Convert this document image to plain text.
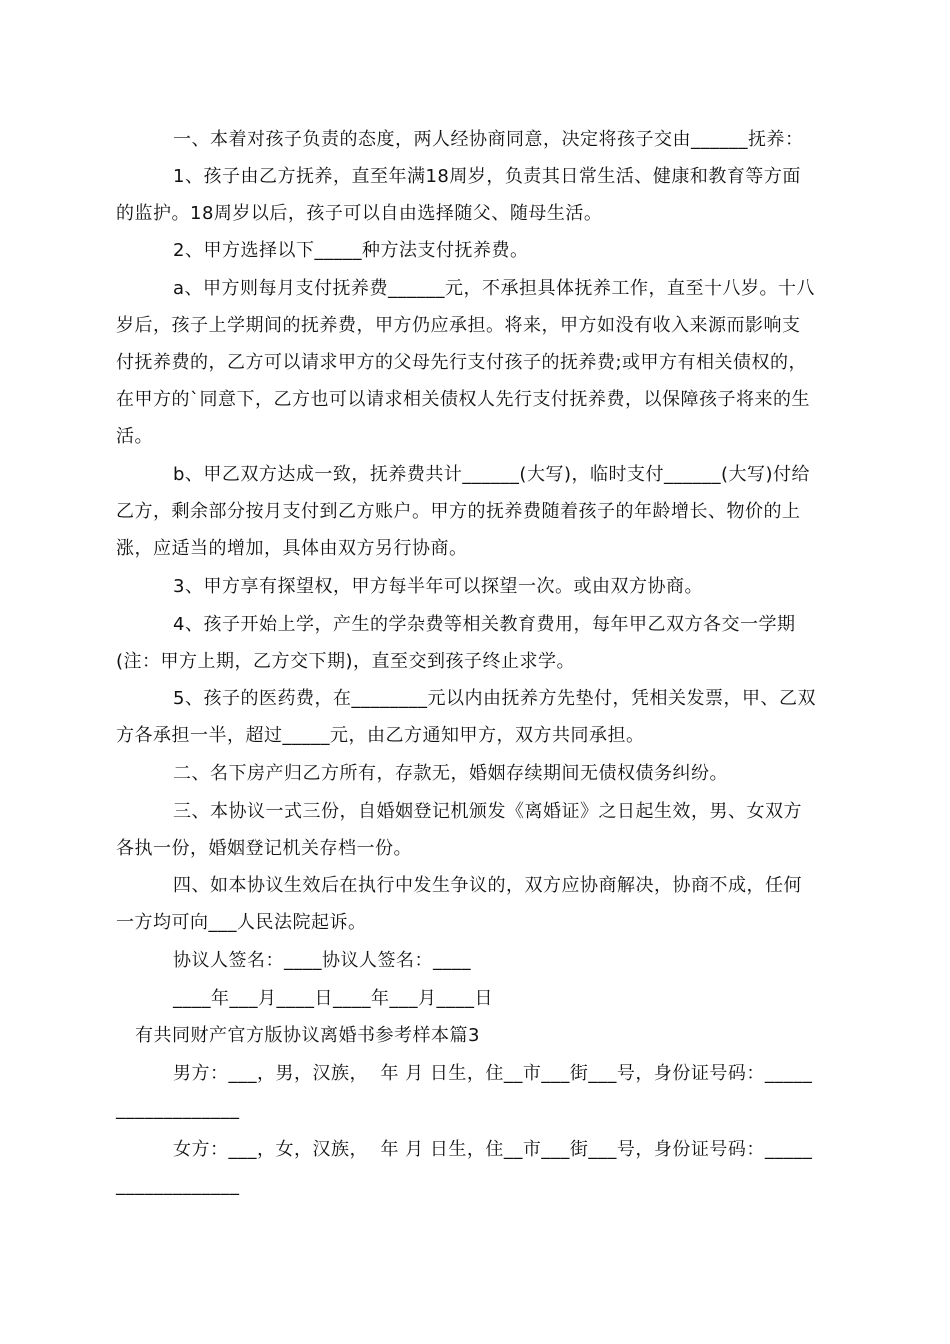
一、本着对孩子负责的态度，两人经协商同意，决定将孩子交由______抚养：
1、孩子由乙方抚养，直至年满18周岁，负责其日常生活、健康和教育等方面
的监护。18周岁以后，孩子可以自由选择随父、随母生活。
2、甲方选择以下_____种方法支付抚养费。
a、甲方则每月支付抚养费______元，不承担具体抚养工作，直至十八岁。十八
岁后，孩子上学期间的抚养费，甲方仍应承担。将来，甲方如没有收入来源而影响支
付抚养费的，乙方可以请求甲方的父母先行支付孩子的抚养费;或甲方有相关债权的，
在甲方的`同意下，乙方也可以请求相关债权人先行支付抚养费，以保障孩子将来的生
活。
b、甲乙双方达成一致，抚养费共计______(大写)，临时支付______(大写)付给
乙方，剩余部分按月支付到乙方账户。甲方的抚养费随着孩子的年龄增长、物价的上
涨，应适当的增加，具体由双方另行协商。
3、甲方享有探望权，甲方每半年可以探望一次。或由双方协商。
4、孩子开始上学，产生的学杂费等相关教育费用，每年甲乙双方各交一学期
(注：甲方上期，乙方交下期)，直至交到孩子终止求学。
5、孩子的医药费，在________元以内由抚养方先垫付，凭相关发票，甲、乙双
方各承担一半，超过_____元，由乙方通知甲方，双方共同承担。
二、名下房产归乙方所有，存款无，婚姻存续期间无债权债务纠纷。
三、本协议一式三份，自婚姻登记机颁发《离婚证》之日起生效，男、女双方
各执一份，婚姻登记机关存档一份。
四、如本协议生效后在执行中发生争议的，双方应协商解决，协商不成，任何
一方均可向___人民法院起诉。
协议人签名：____协议人签名：____
____年___月____日____年___月____日
有共同财产官方版协议离婚书参考样本篇3
男方：___，男，汉族，  年 月 日生，住__市___街___号，身份证号码：_____
_____________
女方：___，女，汉族，  年 月 日生，住__市___街___号，身份证号码：_____
_____________
